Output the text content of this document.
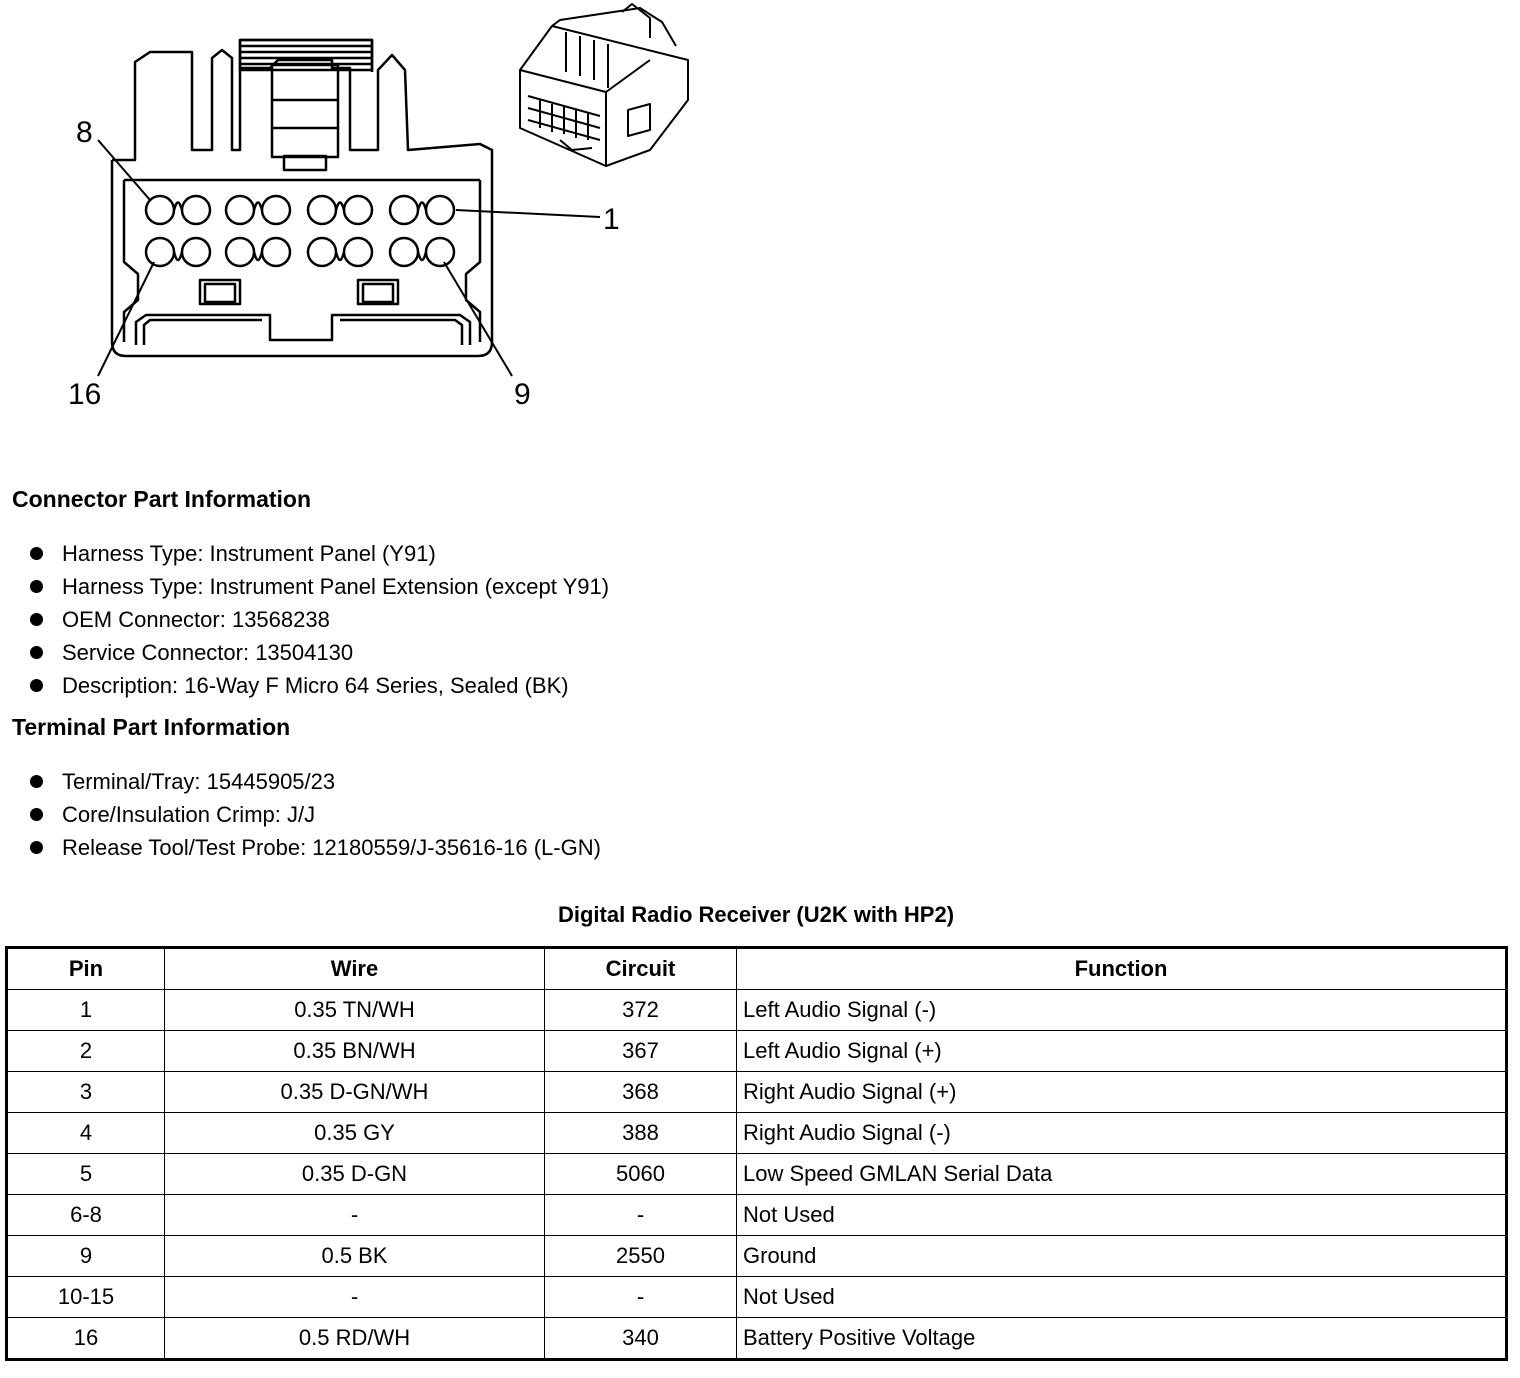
8
1
16	9
Connector Part Information
Harness Type: Instrument Panel (Y91)
Harness Type: Instrument Panel Extension (except Y91)
OEM Connector: 13568238
Service Connector: 13504130
Description: 16-Way F Micro 64 Series, Sealed (BK)
Terminal Part Information
Terminal/Tray: 15445905/23
Core/Insulation Crimp: J/J
Release Tool/Test Probe: 12180559/J-35616-16 (L-GN)
Digital Radio Receiver (U2K with HP2)
Pin	Wire	Circuit	Function
1	0.35 TN/WH	372	Left Audio Signal (-)
2	0.35 BN/WH	367	Left Audio Signal (+)
3	0.35 D-GN/WH	368	Right Audio Signal (+)
4	0.35 GY	388	Right Audio Signal (-)
5	0.35 D-GN	5060	Low Speed GMLAN Serial Data
6-8	-	-	Not Used
9	0.5 BK	2550	Ground
10-15	-	-	Not Used
16	0.5 RD/WH	340	Battery Positive Voltage
